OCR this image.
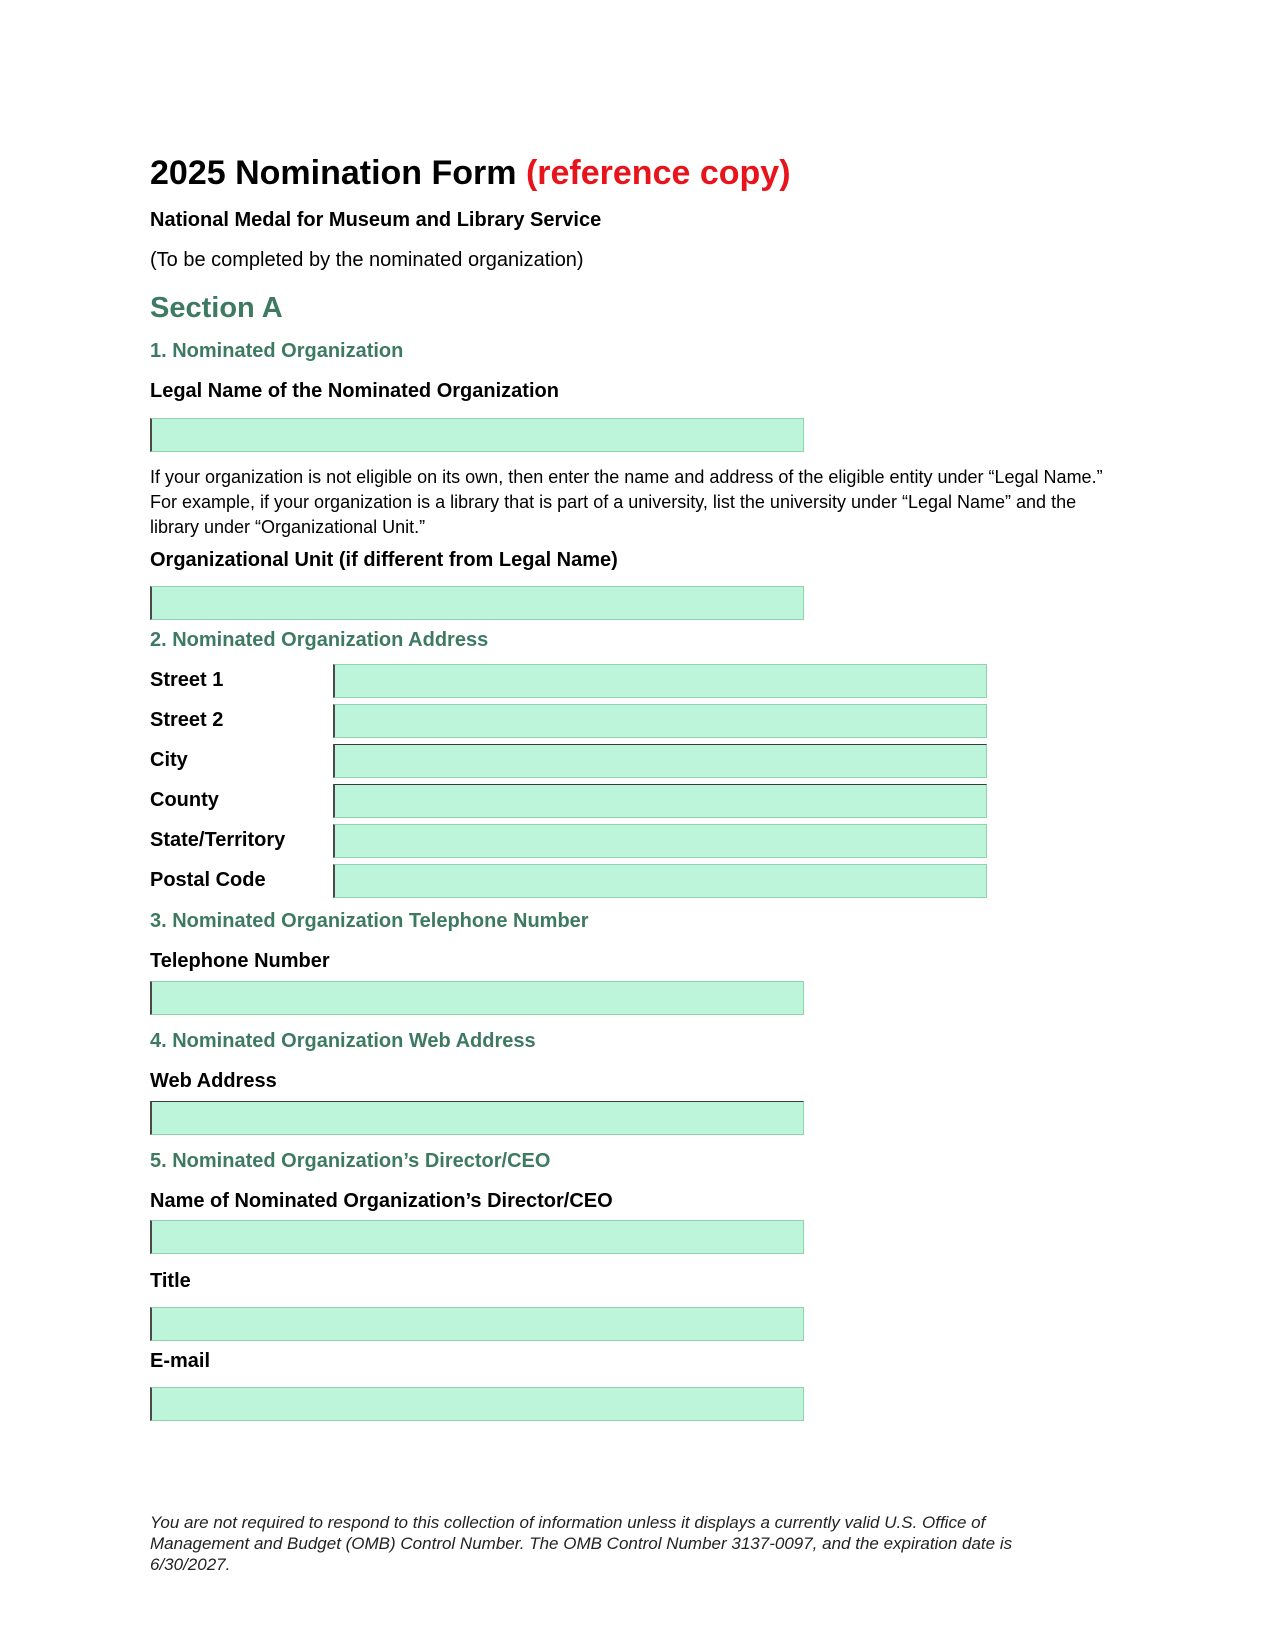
2025 Nomination Form (reference copy)
National Medal for Museum and Library Service
(To be completed by the nominated organization)
Section A
1. Nominated Organization
Legal Name of the Nominated Organization
If your organization is not eligible on its own, then enter the name and address of the eligible entity under “Legal Name.” For example, if your organization is a library that is part of a university, list the university under “Legal Name” and the library under “Organizational Unit.”
Organizational Unit (if different from Legal Name)
2. Nominated Organization Address
Street 1
Street 2
City
County
State/Territory
Postal Code
3. Nominated Organization Telephone Number
Telephone Number
4. Nominated Organization Web Address
Web Address
5. Nominated Organization’s Director/CEO
Name of Nominated Organization’s Director/CEO
Title
E-mail
You are not required to respond to this collection of information unless it displays a currently valid U.S. Office of Management and Budget (OMB) Control Number. The OMB Control Number 3137-0097, and the expiration date is 6/30/2027.
